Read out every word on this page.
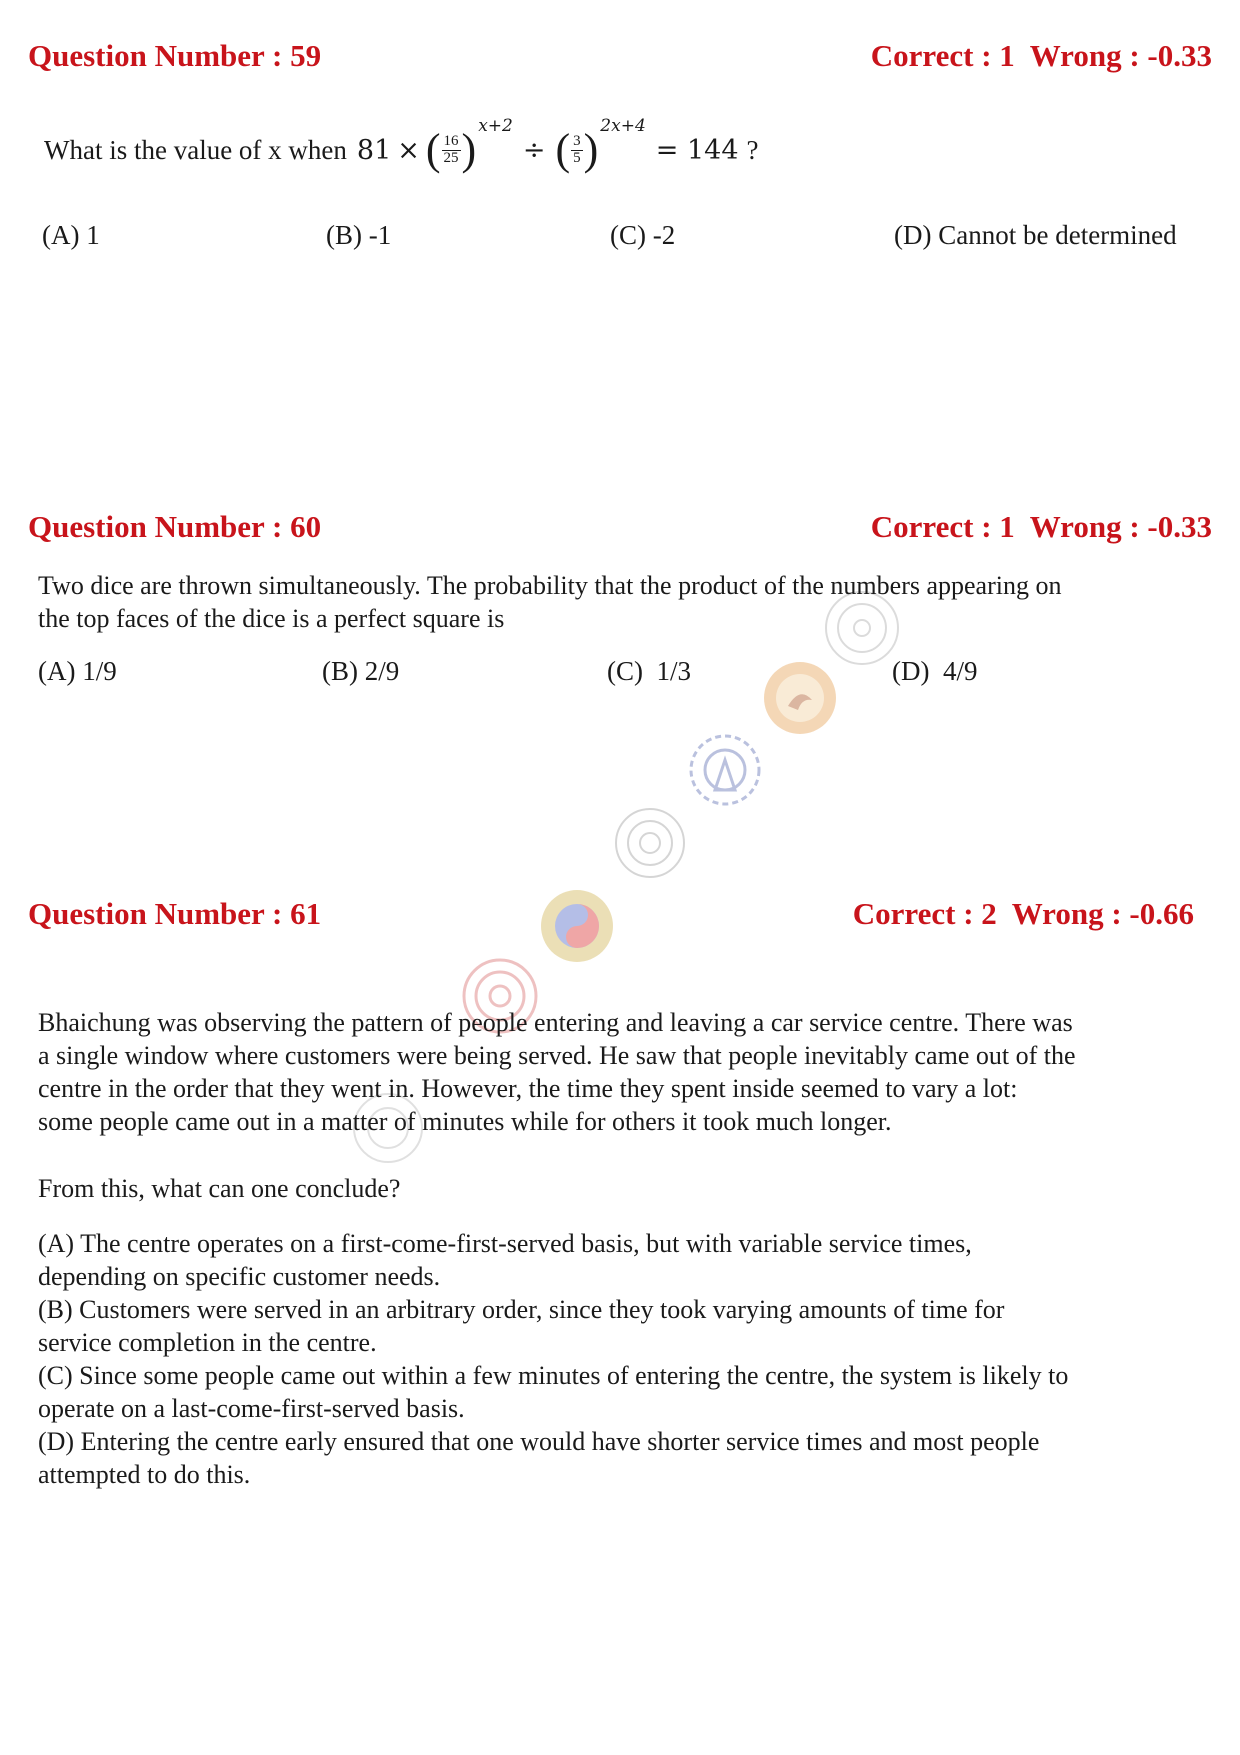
Question Number : 59	Correct : 1  Wrong : -0.33
What is the value of x when 81 × ( $\frac{16}{25}$ ) x+2
÷ ( $\frac{3}{5}$ ) 2x+4
= 144 ?
(A) 1	(B) -1	(C) -2	(D) Cannot be determined
Question Number : 60	Correct : 1  Wrong : -0.33
Two dice are thrown simultaneously. The probability that the product of the numbers appearing on
the top faces of the dice is a perfect square is
(A) 1/9	(B) 2/9	(C)  1/3	(D)  4/9
Question Number : 61	Correct : 2  Wrong : -0.66
Bhaichung was observing the pattern of people entering and leaving a car service centre. There was
a single window where customers were being served. He saw that people inevitably came out of the
centre in the order that they went in. However, the time they spent inside seemed to vary a lot:
some people came out in a matter of minutes while for others it took much longer.
From this, what can one conclude?
(A) The centre operates on a first-come-first-served basis, but with variable service times,
depending on specific customer needs.
(B) Customers were served in an arbitrary order, since they took varying amounts of time for
service completion in the centre.
(C) Since some people came out within a few minutes of entering the centre, the system is likely to
operate on a last-come-first-served basis.
(D) Entering the centre early ensured that one would have shorter service times and most people
attempted to do this.
